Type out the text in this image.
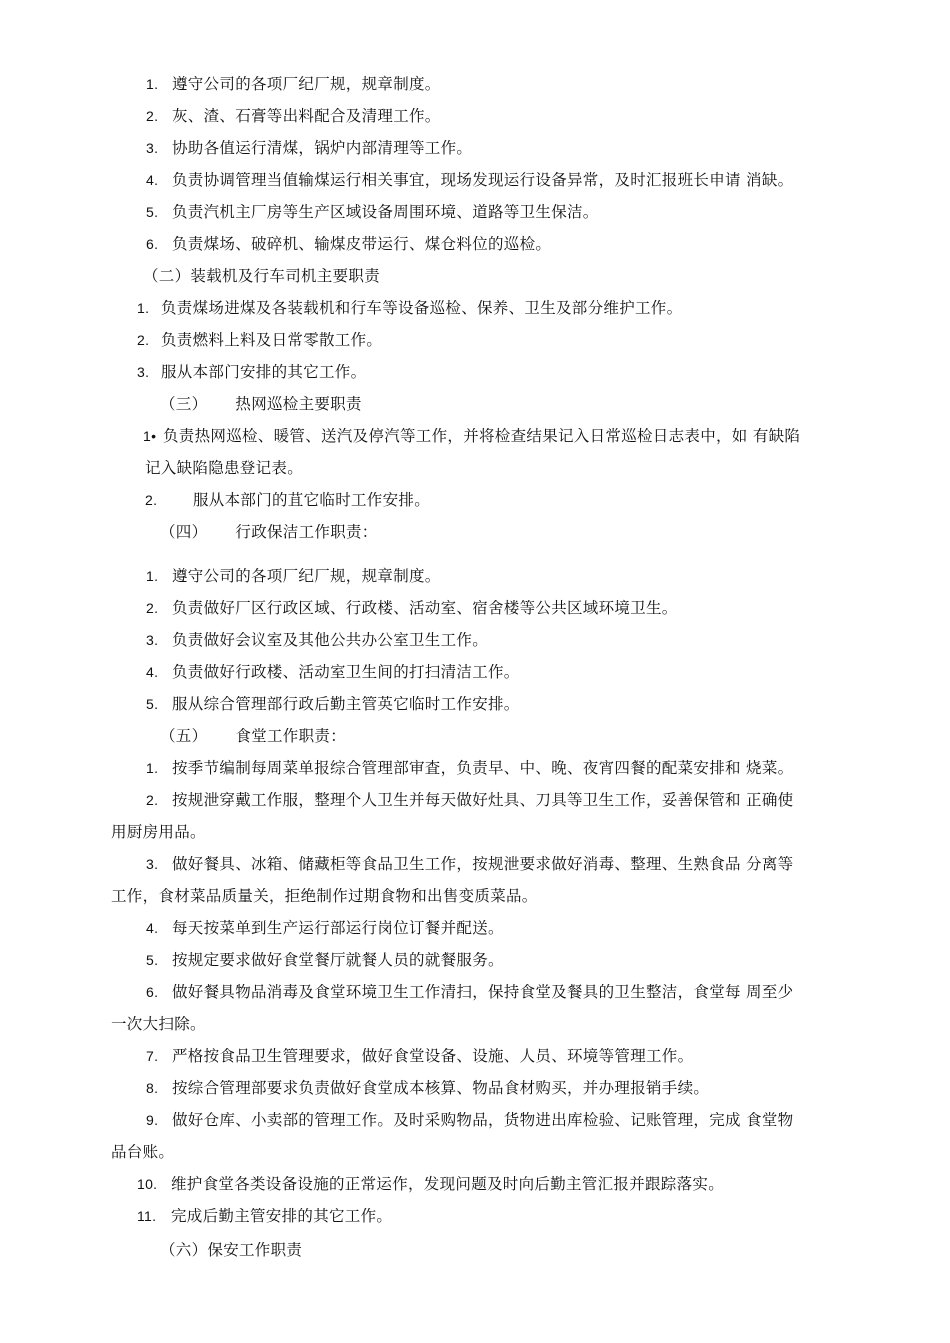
1. 遵守公司的各项厂纪厂规，规章制度。
2. 灰、渣、石膏等出料配合及清理工作。
3. 协助各值运行清煤，锅炉内部清理等工作。
4. 负责协调管理当值输煤运行相关事宜，现场发现运行设备异常，及时汇报班长申请 消缺。
5. 负责汽机主厂房等生产区域设备周围环境、道路等卫生保洁。
6. 负责煤场、破碎机、输煤皮带运行、煤仓料位的巡检。
（二）装载机及行车司机主要职责
1. 负责煤场进煤及各装载机和行车等设备巡检、保养、卫生及部分维护工作。
2. 负责燃料上料及日常零散工作。
3. 服从本部门安排的其它工作。
（三） 热网巡检主要职责
1• 负责热网巡检、暖管、送汽及停汽等工作，并将检查结果记入日常巡检日志表中，如 有缺陷
记入缺陷隐患登记表。
2. 服从本部门的苴它临时工作安排。
（四） 行政保洁工作职责：
1. 遵守公司的各项厂纪厂规，规章制度。
2. 负责做好厂区行政区域、行政楼、活动室、宿舍楼等公共区域环境卫生。
3. 负责做好会议室及其他公共办公室卫生工作。
4. 负责做好行政楼、活动室卫生间的打扫清洁工作。
5. 服从综合管理部行政后勤主管英它临时工作安排。
（五） 食堂工作职责：
1. 按季节编制每周菜单报综合管理部审査，负责早、中、晚、夜宵四餐的配菜安排和 烧菜。
2. 按规泄穿戴工作服，整理个人卫生并每天做好灶具、刀具等卫生工作，妥善保管和 正确使
用厨房用品。
3. 做好餐具、冰箱、储藏柜等食品卫生工作，按规泄要求做好消毒、整理、生熟食品 分离等
工作，食材菜品质量关，拒绝制作过期食物和出售变质菜品。
4. 每天按菜单到生产运行部运行岗位订餐并配送。
5. 按规定要求做好食堂餐厅就餐人员的就餐服务。
6. 做好餐具物品消毒及食堂环境卫生工作清扫，保持食堂及餐具的卫生整洁，食堂每 周至少
一次大扫除。
7. 严格按食品卫生管理要求，做好食堂设备、设施、人员、环境等管理工作。
8. 按综合管理部要求负责做好食堂成本核算、物品食材购买，并办理报销手续。
9. 做好仓库、小卖部的管理工作。及时采购物品，货物进出库检验、记账管理，完成 食堂物
品台账。
10. 维护食堂各类设备设施的正常运作，发现问题及时向后勤主管汇报并跟踪落实。
11. 完成后勤主管安排的其它工作。
（六）保安工作职责
